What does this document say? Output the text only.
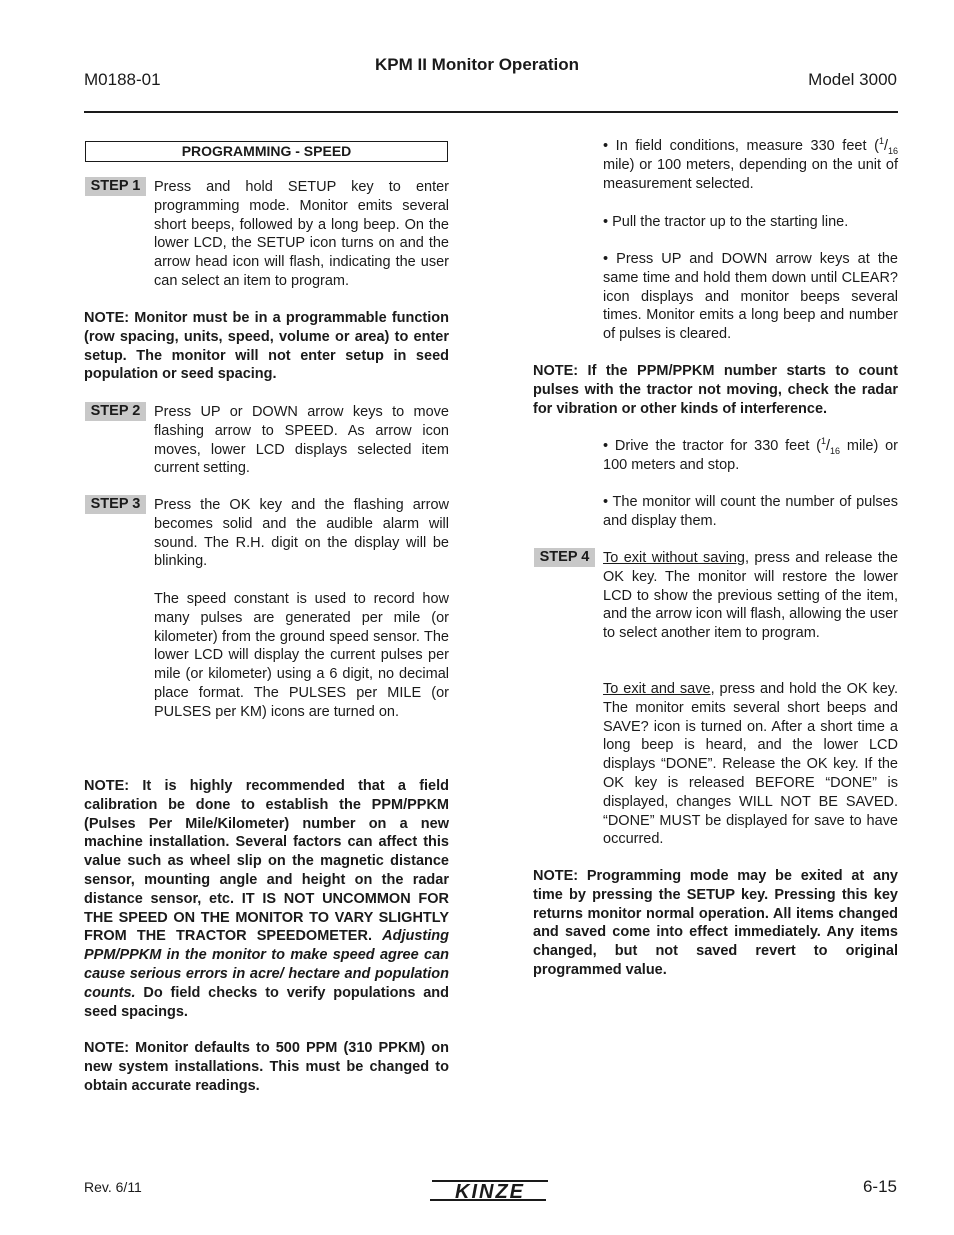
M0188-01
KPM II Monitor Operation
Model 3000
PROGRAMMING - SPEED
STEP 1 Press and hold SETUP key to enter programming mode. Monitor emits several short beeps, followed by a long beep. On the lower LCD, the SETUP icon turns on and the arrow head icon will flash, indicating the user can select an item to program.
NOTE: Monitor must be in a programmable function (row spacing, units, speed, volume or area) to enter setup. The monitor will not enter setup in seed population or seed spacing.
STEP 2 Press UP or DOWN arrow keys to move flashing arrow to SPEED. As arrow icon moves, lower LCD displays selected item current setting.
STEP 3 Press the OK key and the flashing arrow becomes solid and the audible alarm will sound. The R.H. digit on the display will be blinking.
The speed constant is used to record how many pulses are generated per mile (or kilometer) from the ground speed sensor. The lower LCD will display the current pulses per mile (or kilometer) using a 6 digit, no decimal place format. The PULSES per MILE (or PULSES per KM) icons are turned on.
NOTE: It is highly recommended that a field calibration be done to establish the PPM/PPKM (Pulses Per Mile/Kilometer) number on a new machine installation. Several factors can affect this value such as wheel slip on the magnetic distance sensor, mounting angle and height on the radar distance sensor, etc. IT IS NOT UNCOMMON FOR THE SPEED ON THE MONITOR TO VARY SLIGHTLY FROM THE TRACTOR SPEEDOMETER. Adjusting PPM/PPKM in the monitor to make speed agree can cause serious errors in acre/ hectare and population counts. Do field checks to verify populations and seed spacings.
NOTE: Monitor defaults to 500 PPM (310 PPKM) on new system installations. This must be changed to obtain accurate readings.
• In field conditions, measure 330 feet ($^1/_{16}$ mile) or 100 meters, depending on the unit of measurement selected.
• Pull the tractor up to the starting line.
• Press UP and DOWN arrow keys at the same time and hold them down until CLEAR? icon displays and monitor beeps several times. Monitor emits a long beep and number of pulses is cleared.
NOTE: If the PPM/PPKM number starts to count pulses with the tractor not moving, check the radar for vibration or other kinds of interference.
• Drive the tractor for 330 feet ($^1/_{16}$ mile) or 100 meters and stop.
• The monitor will count the number of pulses and display them.
STEP 4 To exit without saving, press and release the OK key. The monitor will restore the lower LCD to show the previous setting of the item, and the arrow icon will flash, allowing the user to select another item to program.
To exit and save, press and hold the OK key. The monitor emits several short beeps and SAVE? icon is turned on. After a short time a long beep is heard, and the lower LCD displays “DONE”. Release the OK key. If the OK key is released BEFORE “DONE” is displayed, changes WILL NOT BE SAVED. “DONE” MUST be displayed for save to have occurred.
NOTE: Programming mode may be exited at any time by pressing the SETUP key. Pressing this key returns monitor normal operation. All items changed and saved come into effect immediately. Any items changed, but not saved revert to original programmed value.
Rev. 6/11	KINZE	6-15
